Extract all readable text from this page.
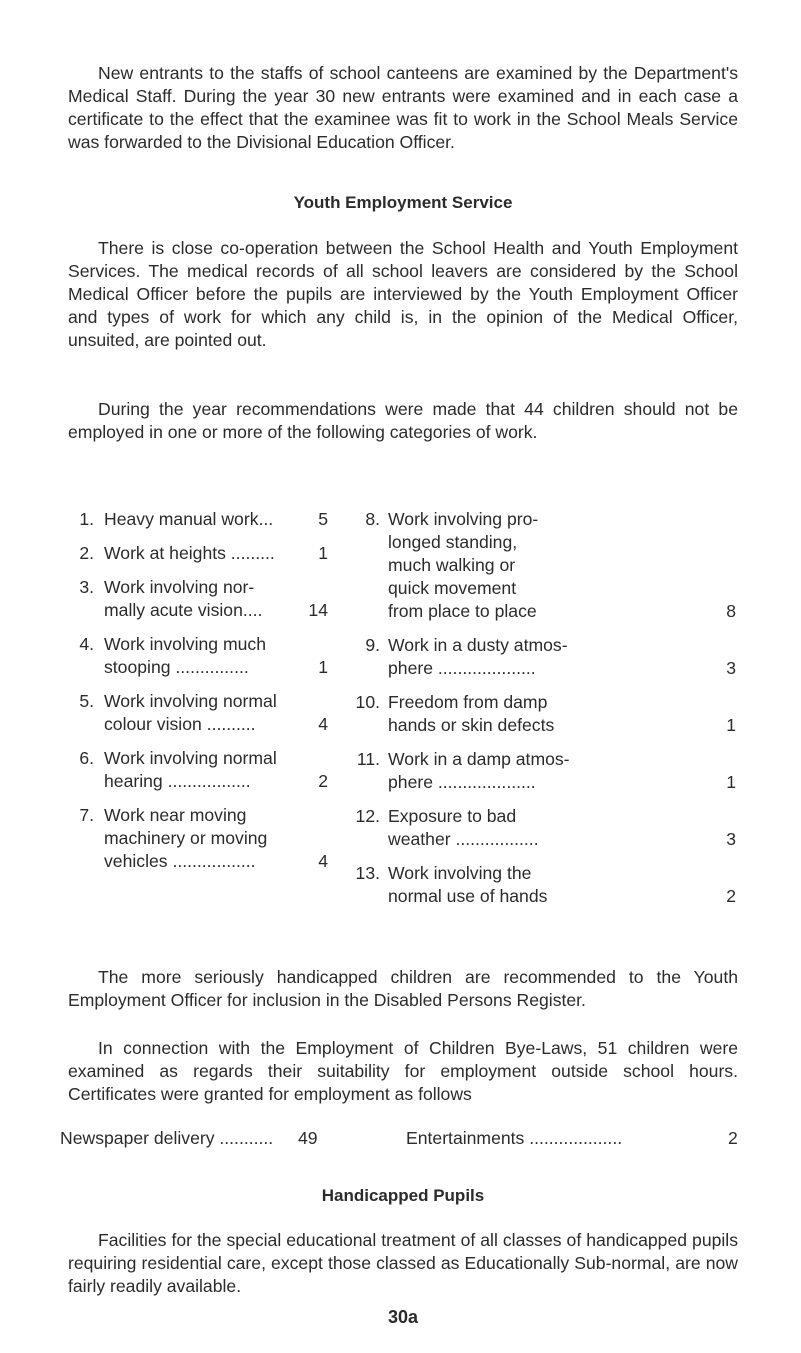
New entrants to the staffs of school canteens are examined by the Department's Medical Staff. During the year 30 new entrants were examined and in each case a certificate to the effect that the examinee was fit to work in the School Meals Service was forwarded to the Divisional Education Officer.

Youth Employment Service

There is close co-operation between the School Health and Youth Employment Services. The medical records of all school leavers are considered by the School Medical Officer before the pupils are interviewed by the Youth Employment Officer and types of work for which any child is, in the opinion of the Medical Officer, unsuited, are pointed out.

During the year recommendations were made that 44 children should not be employed in one or more of the following categories of work.

1. Heavy manual work...	5
2. Work at heights ......... 1
3. Work involving nor-
mally acute vision....	14
4. Work involving much
stooping ...............	1
5. Work involving normal
colour vision ..........	4
6. Work involving normal
hearing .................	2
7. Work near moving
machinery or moving
vehicles .................	4
8. Work involving pro-
longed standing,
much walking or
quick movement
from place to place	8
9. Work in a dusty atmos-
phere ....................	3
10. Freedom from damp
hands or skin defects	1
11. Work in a damp atmos-
phere ....................	1
12. Exposure to bad
weather .................	3
13. Work involving the
normal use of hands	2

The more seriously handicapped children are recommended to the Youth Employment Officer for inclusion in the Disabled Persons Register.

Newspaper delivery ........... 49	Entertainments ...................	2

Handicapped Pupils

Facilities for the special educational treatment of all classes of handicapped pupils requiring residential care, except those classed as Educationally Sub-normal, are now fairly readily available.

30a

In connection with the Employment of Children Bye-Laws, 51 children were examined as regards their suitability for employment outside school hours. Certificates were granted for employment as follows
